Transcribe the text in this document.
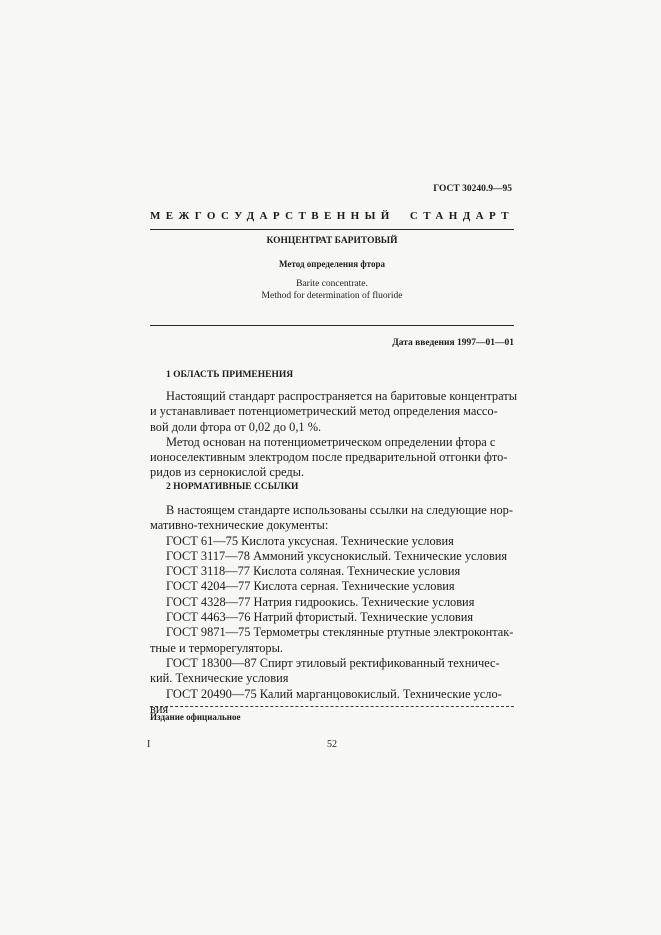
ГОСТ 30240.9—95
МЕЖГОСУДАРСТВЕННЫЙ СТАНДАРТ
КОНЦЕНТРАТ БАРИТОВЫЙ
Метод определения фтора
Barite concentrate.
Method for determination of fluoride
Дата введения 1997—01—01
1 ОБЛАСТЬ ПРИМЕНЕНИЯ
Настоящий стандарт распространяется на баритовые концентраты
и устанавливает потенциометрический метод определения массо-
вой доли фтора от 0,02 до 0,1 %.
Метод основан на потенциометрическом определении фтора с
ионоселективным электродом после предварительной отгонки фто-
ридов из сернокислой среды.
2 НОРМАТИВНЫЕ ССЫЛКИ
В настоящем стандарте использованы ссылки на следующие нор-
мативно-технические документы:
ГОСТ 61—75 Кислота уксусная. Технические условия
ГОСТ 3117—78 Аммоний уксуснокислый. Технические условия
ГОСТ 3118—77 Кислота соляная. Технические условия
ГОСТ 4204—77 Кислота серная. Технические условия
ГОСТ 4328—77 Натрия гидроокись. Технические условия
ГОСТ 4463—76 Натрий фтористый. Технические условия
ГОСТ 9871—75 Термометры стеклянные ртутные электроконтак-
тные и терморегуляторы.
ГОСТ 18300—87 Спирт этиловый ректификованный техничес-
кий. Технические условия
ГОСТ 20490—75 Калий марганцовокислый. Технические усло-
вия
Издание официальное
I	52
